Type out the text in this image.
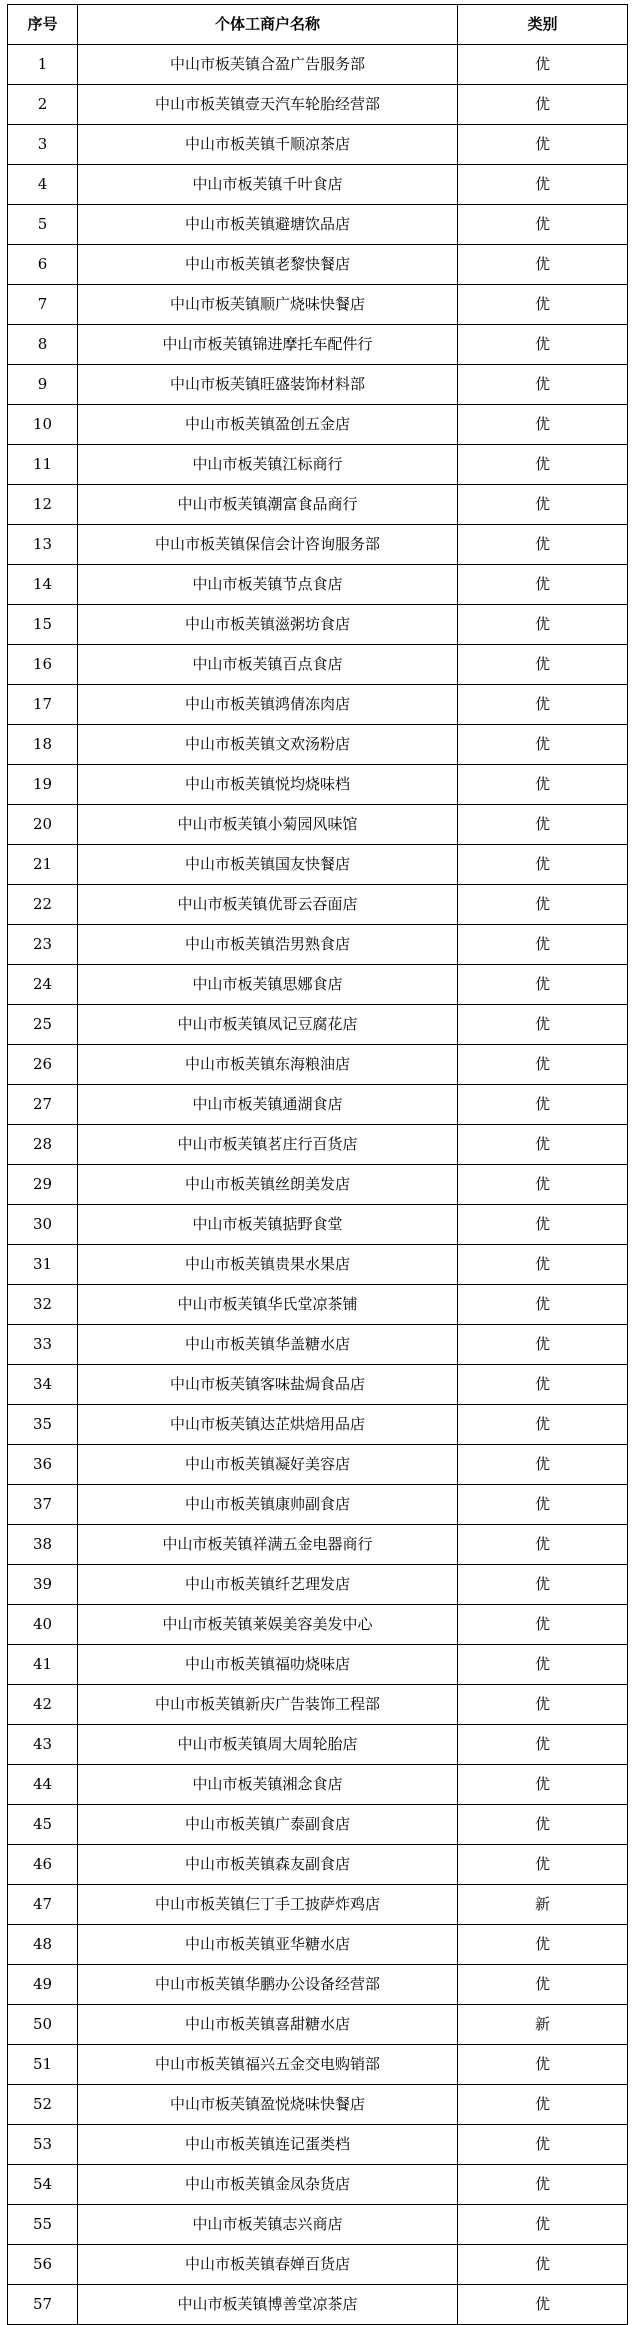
序号	个体工商户名称	类别
1	中山市板芙镇合盈广告服务部	优
2	中山市板芙镇壹天汽车轮胎经营部	优
3	中山市板芙镇千顺凉茶店	优
4	中山市板芙镇千叶食店	优
5	中山市板芙镇避塘饮品店	优
6	中山市板芙镇老黎快餐店	优
7	中山市板芙镇顺广烧味快餐店	优
8	中山市板芙镇锦进摩托车配件行	优
9	中山市板芙镇旺盛装饰材料部	优
10	中山市板芙镇盈创五金店	优
11	中山市板芙镇江标商行	优
12	中山市板芙镇潮富食品商行	优
13	中山市板芙镇保信会计咨询服务部	优
14	中山市板芙镇节点食店	优
15	中山市板芙镇滋粥坊食店	优
16	中山市板芙镇百点食店	优
17	中山市板芙镇鸿倩冻肉店	优
18	中山市板芙镇文欢汤粉店	优
19	中山市板芙镇悦均烧味档	优
20	中山市板芙镇小菊园风味馆	优
21	中山市板芙镇国友快餐店	优
22	中山市板芙镇优哥云吞面店	优
23	中山市板芙镇浩男熟食店	优
24	中山市板芙镇思娜食店	优
25	中山市板芙镇凤记豆腐花店	优
26	中山市板芙镇东海粮油店	优
27	中山市板芙镇通湖食店	优
28	中山市板芙镇茗庄行百货店	优
29	中山市板芙镇丝朗美发店	优
30	中山市板芙镇掂野食堂	优
31	中山市板芙镇贵果水果店	优
32	中山市板芙镇华氏堂凉茶铺	优
33	中山市板芙镇华盖糖水店	优
34	中山市板芙镇客味盐焗食品店	优
35	中山市板芙镇达芷烘焙用品店	优
36	中山市板芙镇凝好美容店	优
37	中山市板芙镇康帅副食店	优
38	中山市板芙镇祥满五金电器商行	优
39	中山市板芙镇纤艺理发店	优
40	中山市板芙镇莱娱美容美发中心	优
41	中山市板芙镇福叻烧味店	优
42	中山市板芙镇新庆广告装饰工程部	优
43	中山市板芙镇周大周轮胎店	优
44	中山市板芙镇湘念食店	优
45	中山市板芙镇广泰副食店	优
46	中山市板芙镇森友副食店	优
47	中山市板芙镇仨丁手工披萨炸鸡店	新
48	中山市板芙镇亚华糖水店	优
49	中山市板芙镇华鹏办公设备经营部	优
50	中山市板芙镇喜甜糖水店	新
51	中山市板芙镇福兴五金交电购销部	优
52	中山市板芙镇盈悦烧味快餐店	优
53	中山市板芙镇连记蛋类档	优
54	中山市板芙镇金凤杂货店	优
55	中山市板芙镇志兴商店	优
56	中山市板芙镇春婵百货店	优
57	中山市板芙镇博善堂凉茶店	优
